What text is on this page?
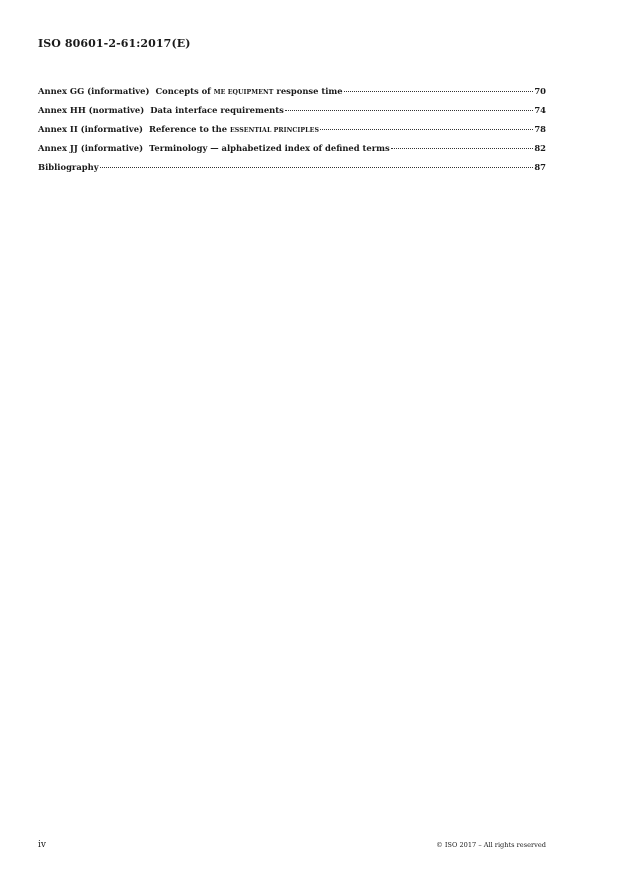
ISO 80601-2-61:2017(E)
Annex GG (informative) Concepts of ME EQUIPMENT response time	70
Annex HH (normative) Data interface requirements	74
Annex II (informative) Reference to the ESSENTIAL PRINCIPLES	78
Annex JJ (informative) Terminology — alphabetized index of defined terms	82
Bibliography	87
iv	© ISO 2017 – All rights reserved
